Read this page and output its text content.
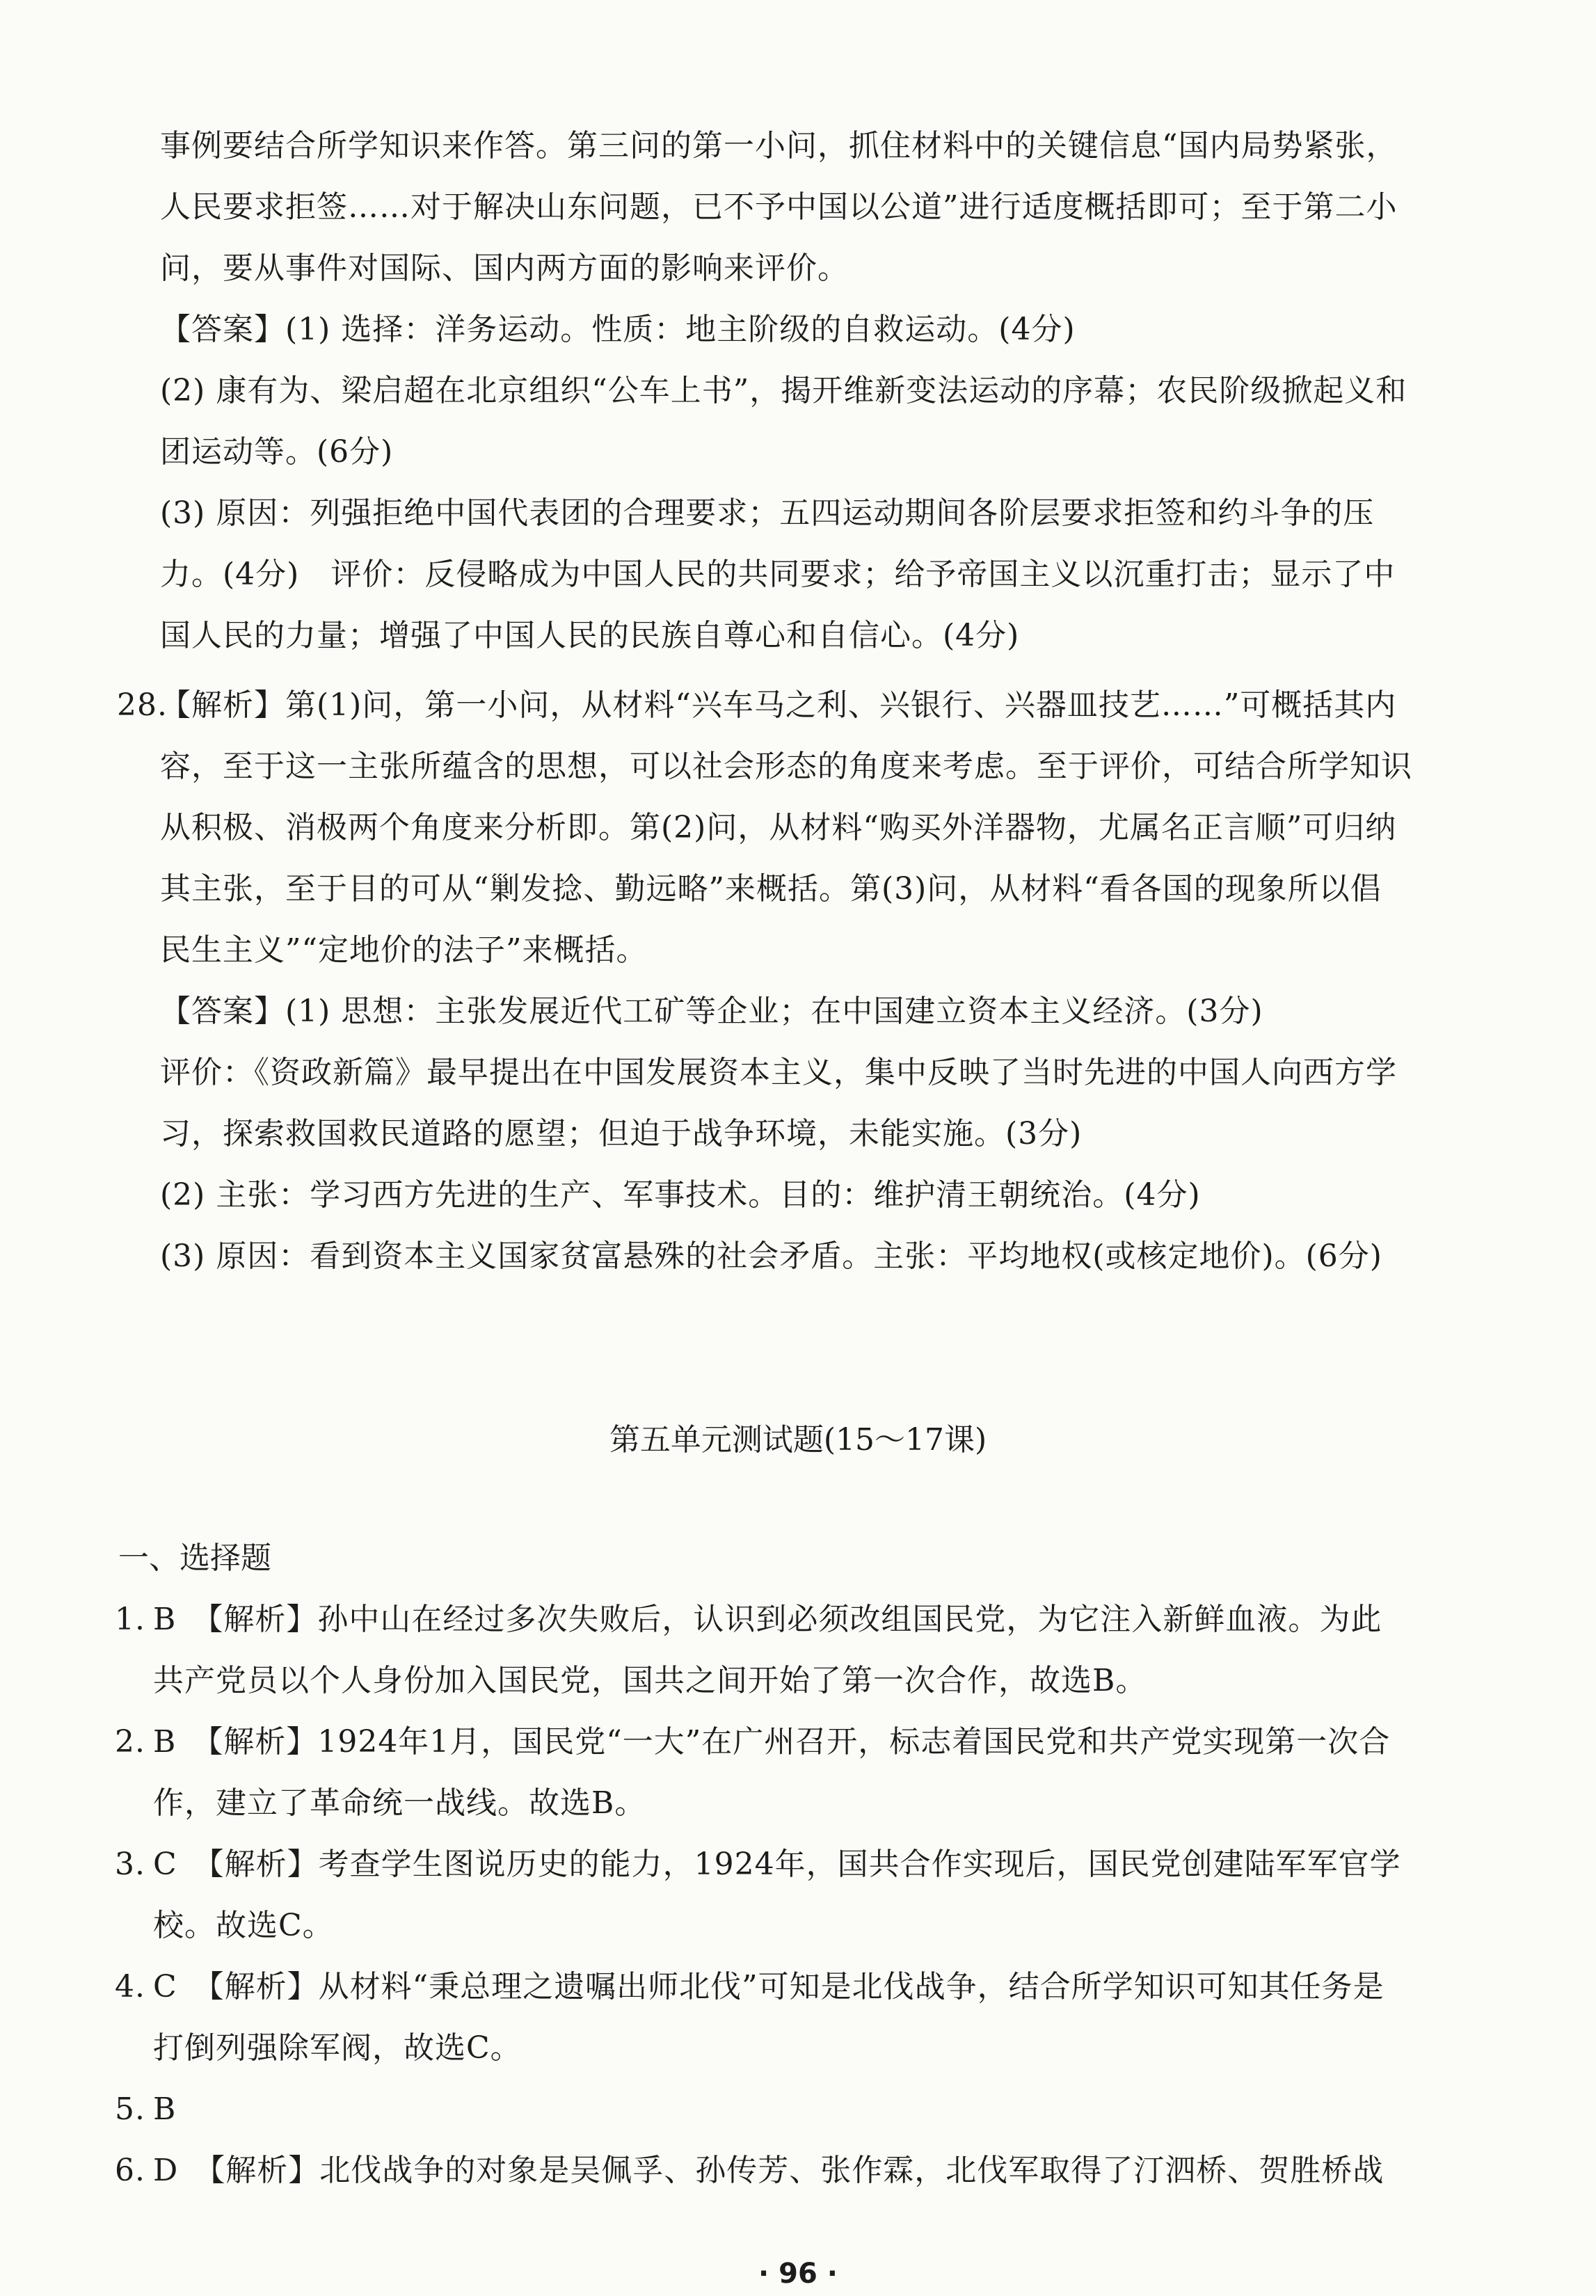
事例要结合所学知识来作答。第三问的第一小问，抓住材料中的关键信息“国内局势紧张，人民要求拒签……对于解决山东问题，已不予中国以公道”进行适度概括即可；至于第二小问，要从事件对国际、国内两方面的影响来评价。
【答案】(1) 选择：洋务运动。性质：地主阶级的自救运动。(4分)
(2) 康有为、梁启超在北京组织“公车上书”，揭开维新变法运动的序幕；农民阶级掀起义和团运动等。(6分)
(3) 原因：列强拒绝中国代表团的合理要求；五四运动期间各阶层要求拒签和约斗争的压力。(4分)　评价：反侵略成为中国人民的共同要求；给予帝国主义以沉重打击；显示了中国人民的力量；增强了中国人民的民族自尊心和自信心。(4分)
28.
【解析】第(1)问，第一小问，从材料“兴车马之利、兴银行、兴器皿技艺……”可概括其内容，至于这一主张所蕴含的思想，可以社会形态的角度来考虑。至于评价，可结合所学知识从积极、消极两个角度来分析即。第(2)问，从材料“购买外洋器物，尤属名正言顺”可归纳其主张，至于目的可从“剿发捻、勤远略”来概括。第(3)问，从材料“看各国的现象所以倡民生主义”“定地价的法子”来概括。
【答案】(1) 思想：主张发展近代工矿等企业；在中国建立资本主义经济。(3分)
评价：《资政新篇》最早提出在中国发展资本主义，集中反映了当时先进的中国人向西方学习，探索救国救民道路的愿望；但迫于战争环境，未能实施。(3分)
(2) 主张：学习西方先进的生产、军事技术。目的：维护清王朝统治。(4分)
(3) 原因：看到资本主义国家贫富悬殊的社会矛盾。主张：平均地权(或核定地价)。(6分)
第五单元测试题(15～17课)
一、选择题
1. B　【解析】孙中山在经过多次失败后，认识到必须改组国民党，为它注入新鲜血液。为此共产党员以个人身份加入国民党，国共之间开始了第一次合作，故选B。
2. B　【解析】1924年1月，国民党“一大”在广州召开，标志着国民党和共产党实现第一次合作，建立了革命统一战线。故选B。
3. C　【解析】考查学生图说历史的能力，1924年，国共合作实现后，国民党创建陆军军官学校。故选C。
4. C　【解析】从材料“秉总理之遗嘱出师北伐”可知是北伐战争，结合所学知识可知其任务是打倒列强除军阀，故选C。
5. B
6. D　【解析】北伐战争的对象是吴佩孚、孙传芳、张作霖，北伐军取得了汀泗桥、贺胜桥战
· 96 ·
